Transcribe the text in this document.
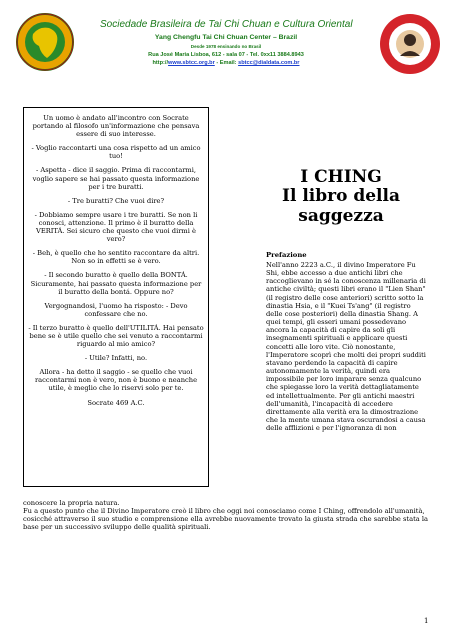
Sociedade Brasileira de Tai Chi Chuan e Cultura Oriental
Yang Chengfu Tai Chi Chuan Center – Brazil
Desde 1978 ensinando no Brasil
Rua José Maria Lisboa, 612 - sala 07 - Tel. 0xx11 3884.8943
http://www.sbtcc.org.br - Email: sbtcc@dialdata.com.br

Un uomo è andato all'incontro con Socrate portando al filosofo un'informazione che pensava essere di suo interesse.

- Voglio raccontarti una cosa rispetto ad un amico tuo!

- Aspetta - dice il saggio. Prima di raccontarmi, voglio sapere se hai passato questa informazione per i tre buratti.

- Tre buratti? Che vuoi dire?

- Dobbiamo sempre usare i tre buratti. Se non li conosci, attenzione. Il primo è il buratto della VERITÁ. Sei sicuro che questo che vuoi dirmi è vero?

- Beh, è quello che ho sentito raccontare da altri. Non so in effetti se è vero.

- Il secondo buratto è quello della BONTÁ. Sicuramente, hai passato questa informazione per il buratto della bontá. Oppure no?

Vergognandosi, l'uomo ha risposto: - Devo confessare che no.

- Il terzo buratto è quello dell'UTILITÁ. Hai pensato bene se è utile quello che sei venuto a raccontarmi riguardo al mio amico?

- Utile? Infatti, no.

Allora - ha detto il saggio - se quello che vuoi raccontarmi non è vero, non è buono e neanche utile, è meglio che lo riservi solo per te.

Socrate 469 A.C.

I CHING
Il libro della saggezza
Prefazione
Nell'anno 2223 a.C., il divino Imperatore Fu Shi, ebbe accesso a due antichi libri che raccoglievano in sé la conoscenza millenaria di antiche civiltà; questi libri erano il "Lien Shan" (il registro delle cose anteriori) scritto sotto la dinastia Hsia, e il "Kuei Ts'ang" (il registro delle cose posteriori) della dinastia Shang. A quei tempi, gli esseri umani possedevano ancora la capacità di capire da soli gli insegnamenti spirituali e applicare questi concetti alle loro vite. Ciò nonostante, l'Imperatore scoprì che molti dei propri sudditi stavano perdendo la capacità di capire autonomamente la verità, quindi era impossibile per loro imparare senza qualcuno che spiegasse loro la verità dettagliatamente ed intellettualmente. Per gli antichi maestri dell'umanità, l'incapacità di accedere direttamente alla verità era la dimostrazione che la mente umana stava oscurandosi a causa delle afflizioni e per l'ignoranza di non
conoscere la propria natura.
Fu a questo punto che il Divino Imperatore creò il libro che oggi noi conosciamo come I Ching, offrendolo all'umanità, cosicché attraverso il suo studio e comprensione ella avrebbe nuovamente trovato la giusta strada che sarebbe stata la base per un successivo sviluppo delle qualità spirituali.
1
